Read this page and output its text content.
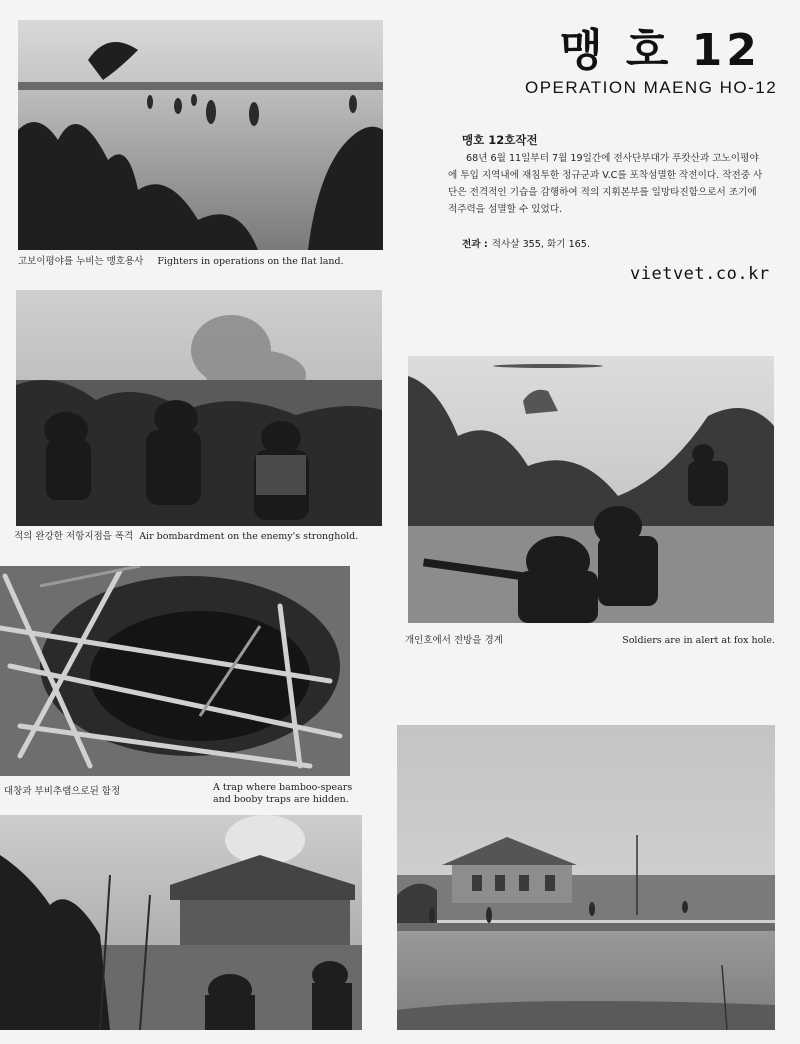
맹 호 12
OPERATION MAENG HO-12
맹호 12호작전

68년 6월 11일부터 7월 19일간에 전사단부대가 푸캇산과 고노이평야에 투입 지역내에 재침투한 정규군과 V.C를 포착섬멸한 작전이다. 작전중 사단은 전격적인 기습을 감행하여 적의 지휘본부를 일망타진함으로서 조기에 적주력을 섬멸할 수 있었다.

전과 : 적사살 355, 화기 165.
vietvet.co.kr
고보이평야를 누비는 맹호용사 Fighters in operations on the flat land.
적의 완강한 저항지점을 폭격 Air bombardment on the enemy's stronghold.
개인호에서 전방을 경계	Soldiers are in alert at fox hole.
대창과 부비추랩으로된 함정	A trap where bamboo-spears
and booby traps are hidden.
